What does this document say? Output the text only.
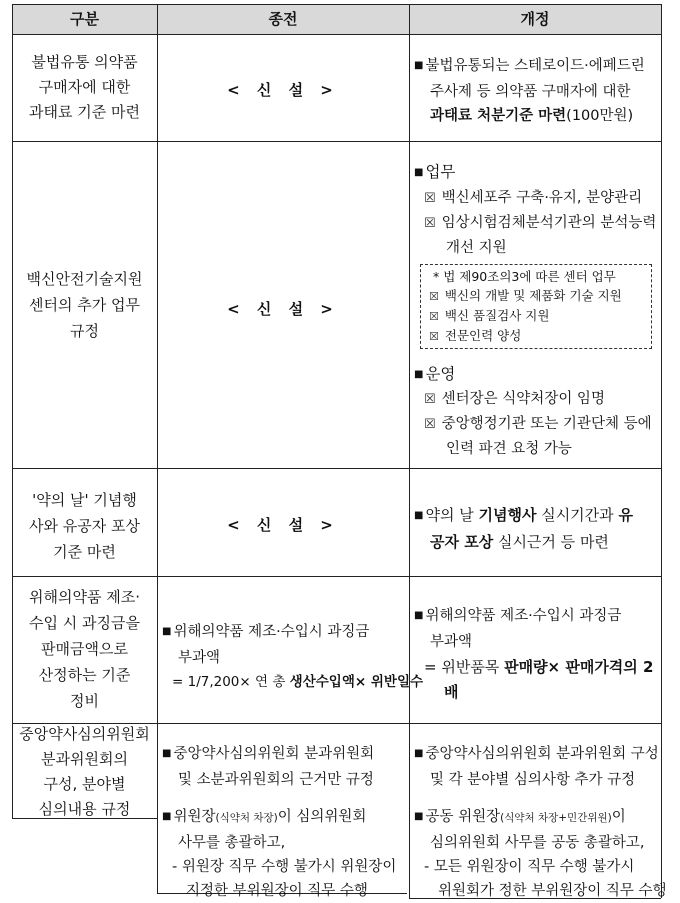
구분	종전	개정
불법유통 의약품
구매자에 대한
과태료 기준 마련
< 신 설 >
■ 불법유통되는 스테로이드·에페드린
주사제 등 의약품 구매자에 대한
과태료 처분기준 마련(100만원)
백신안전기술지원
센터의 추가 업무
규정
< 신 설 >
■ 업무
☒ 백신세포주 구축·유지, 분양관리
☒ 임상시험검체분석기관의 분석능력
개선 지원
* 법 제90조의3에 따른 센터 업무
☒ 백신의 개발 및 제품화 기술 지원
☒ 백신 품질검사 지원
☒ 전문인력 양성
■ 운영
☒ 센터장은 식약처장이 임명
☒ 중앙행정기관 또는 기관단체 등에
인력 파견 요청 가능
'약의 날' 기념행
사와 유공자 포상
기준 마련
< 신 설 >
■ 약의 날 기념행사 실시기간과 유
공자 포상 실시근거 등 마련
위해의약품 제조·
수입 시 과징금을
판매금액으로
산정하는 기준
정비
■ 위해의약품 제조·수입시 과징금
부과액
= 1/7,200× 연 총 생산수입액× 위반일수
■ 위해의약품 제조·수입시 과징금
부과액
= 위반품목 판매량× 판매가격의 2
배
중앙약사심의위원회
분과위원회의
구성, 분야별
심의내용 규정
■ 중앙약사심의위원회 분과위원회
및 소분과위원회의 근거만 규정
■ 위원장(식약처 차장)이 심의위원회
사무를 총괄하고,
- 위원장 직무 수행 불가시 위원장이
지정한 부위원장이 직무 수행
■ 중앙약사심의위원회 분과위원회 구성
및 각 분야별 심의사항 추가 규정
■ 공동 위원장(식약처 차장+민간위원)이
심의위원회 사무를 공동 총괄하고,
- 모든 위원장이 직무 수행 불가시
위원회가 정한 부위원장이 직무 수행
